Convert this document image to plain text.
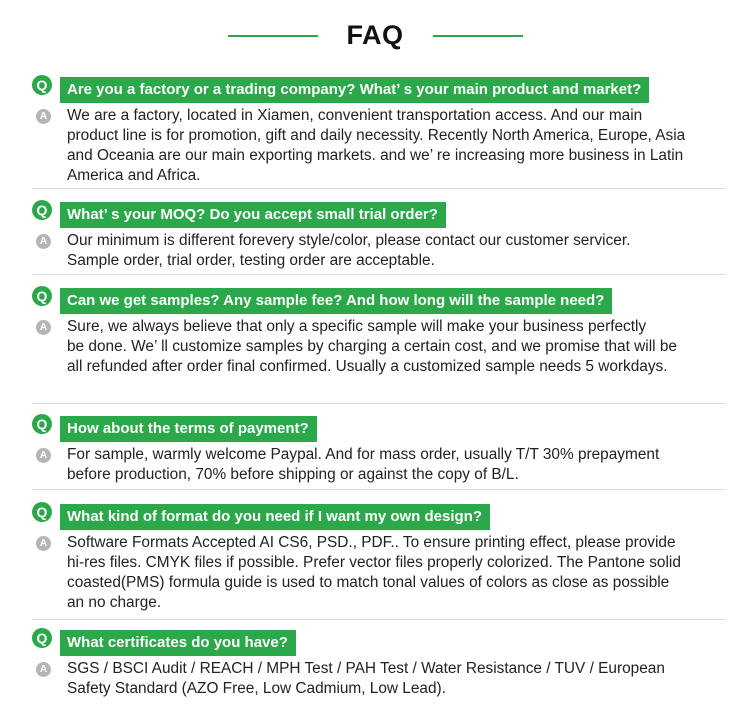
FAQ
Q	Are you a factory or a trading company? What’ s your main product and market?
A We are a factory, located in Xiamen, convenient transportation access. And our main
product line is for promotion, gift and daily necessity. Recently North America, Europe, Asia
and Oceania are our main exporting markets. and we’ re increasing more business in Latin
America and Africa.
Q	What’ s your MOQ? Do you accept small trial order?
A Our minimum is different forevery style/color, please contact our customer servicer.
Sample order, trial order, testing order are acceptable.
Q	Can we get samples? Any sample fee? And how long will the sample need?
A Sure, we always believe that only a specific sample will make your business perfectly
be done. We’ ll customize samples by charging a certain cost, and we promise that will be
all refunded after order final confirmed. Usually a customized sample needs 5 workdays.
Q	How about the terms of payment?
A For sample, warmly welcome Paypal. And for mass order, usually T/T 30% prepayment
before production, 70% before shipping or against the copy of B/L.
Q	What kind of format do you need if I want my own design?
A Software Formats Accepted AI CS6, PSD., PDF.. To ensure printing effect, please provide
hi-res files. CMYK files if possible. Prefer vector files properly colorized. The Pantone solid
coasted(PMS) formula guide is used to match tonal values of colors as close as possible
an no charge.
Q	What certificates do you have?
A SGS / BSCI Audit / REACH / MPH Test / PAH Test / Water Resistance / TUV / European
Safety Standard (AZO Free, Low Cadmium, Low Lead).
